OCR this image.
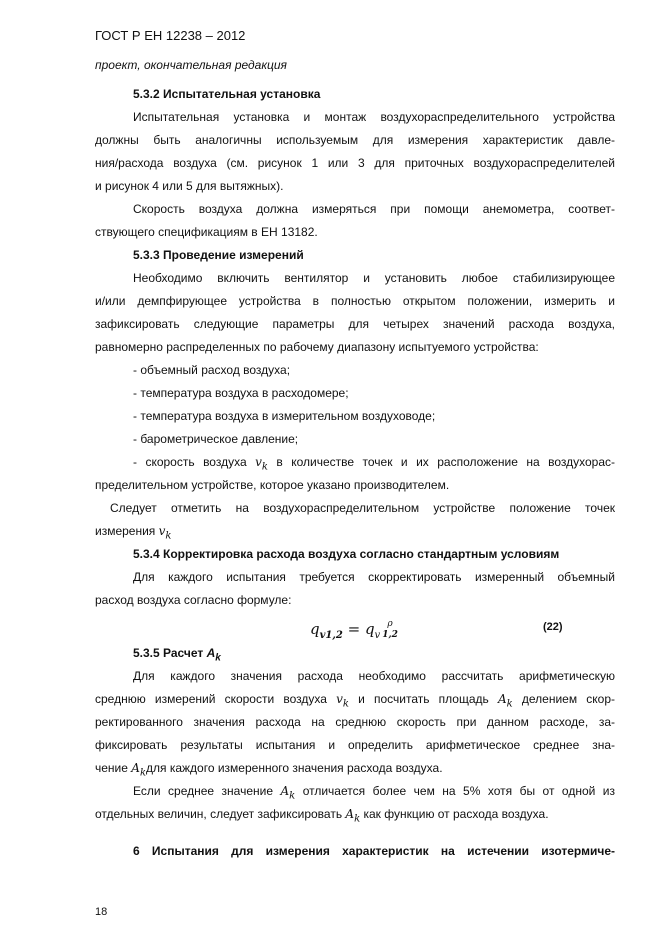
ГОСТ Р ЕН 12238 – 2012
проект, окончательная редакция
5.3.2 Испытательная установка
Испытательная установка и монтаж воздухораспределительного устройства
должны быть аналогичны используемым для измерения характеристик давле-
ния/расхода воздуха (см. рисунок 1 или 3 для приточных воздухораспределителей
и рисунок 4 или 5 для вытяжных).
Скорость воздуха должна измеряться при помощи анемометра, соответ-
ствующего спецификациям в ЕН 13182.
5.3.3 Проведение измерений
Необходимо включить вентилятор и установить любое стабилизирующее
и/или демпфирующее устройства в полностью открытом положении, измерить и
зафиксировать следующие параметры для четырех значений расхода воздуха,
равномерно распределенных по рабочему диапазону испытуемого устройства:
- объемный расход воздуха;
- температура воздуха в расходомере;
- температура воздуха в измерительном воздуховоде;
- барометрическое давление;
- скорость воздуха $v_k$ в количестве точек и их расположение на воздухорас-
пределительном устройстве, которое указано производителем.
Следует отметить на воздухораспределительном устройстве положение точек
измерения $v_k$
5.3.4 Корректировка расхода воздуха согласно стандартным условиям
Для каждого испытания требуется скорректировать измеренный объемный
расход воздуха согласно формуле:
$q_{v1,2} = q_v$
ρ
1,2
(22)
5.3.5 Расчет $A_k$
Для каждого значения расхода необходимо рассчитать арифметическую
среднюю измерений скорости воздуха $v_k$ и посчитать площадь $A_k$ делением скор-
ректированного значения расхода на среднюю скорость при данном расходе, за-
фиксировать результаты испытания и определить арифметическое среднее зна-
чение $A_kдля$ каждого измеренного значения расхода воздуха.
Если среднее значение $A_k$ отличается более чем на 5% хотя бы от одной из
отдельных величин, следует зафиксировать $A_k$ как функцию от расхода воздуха.
6 Испытания для измерения характеристик на истечении изотермиче-
18
